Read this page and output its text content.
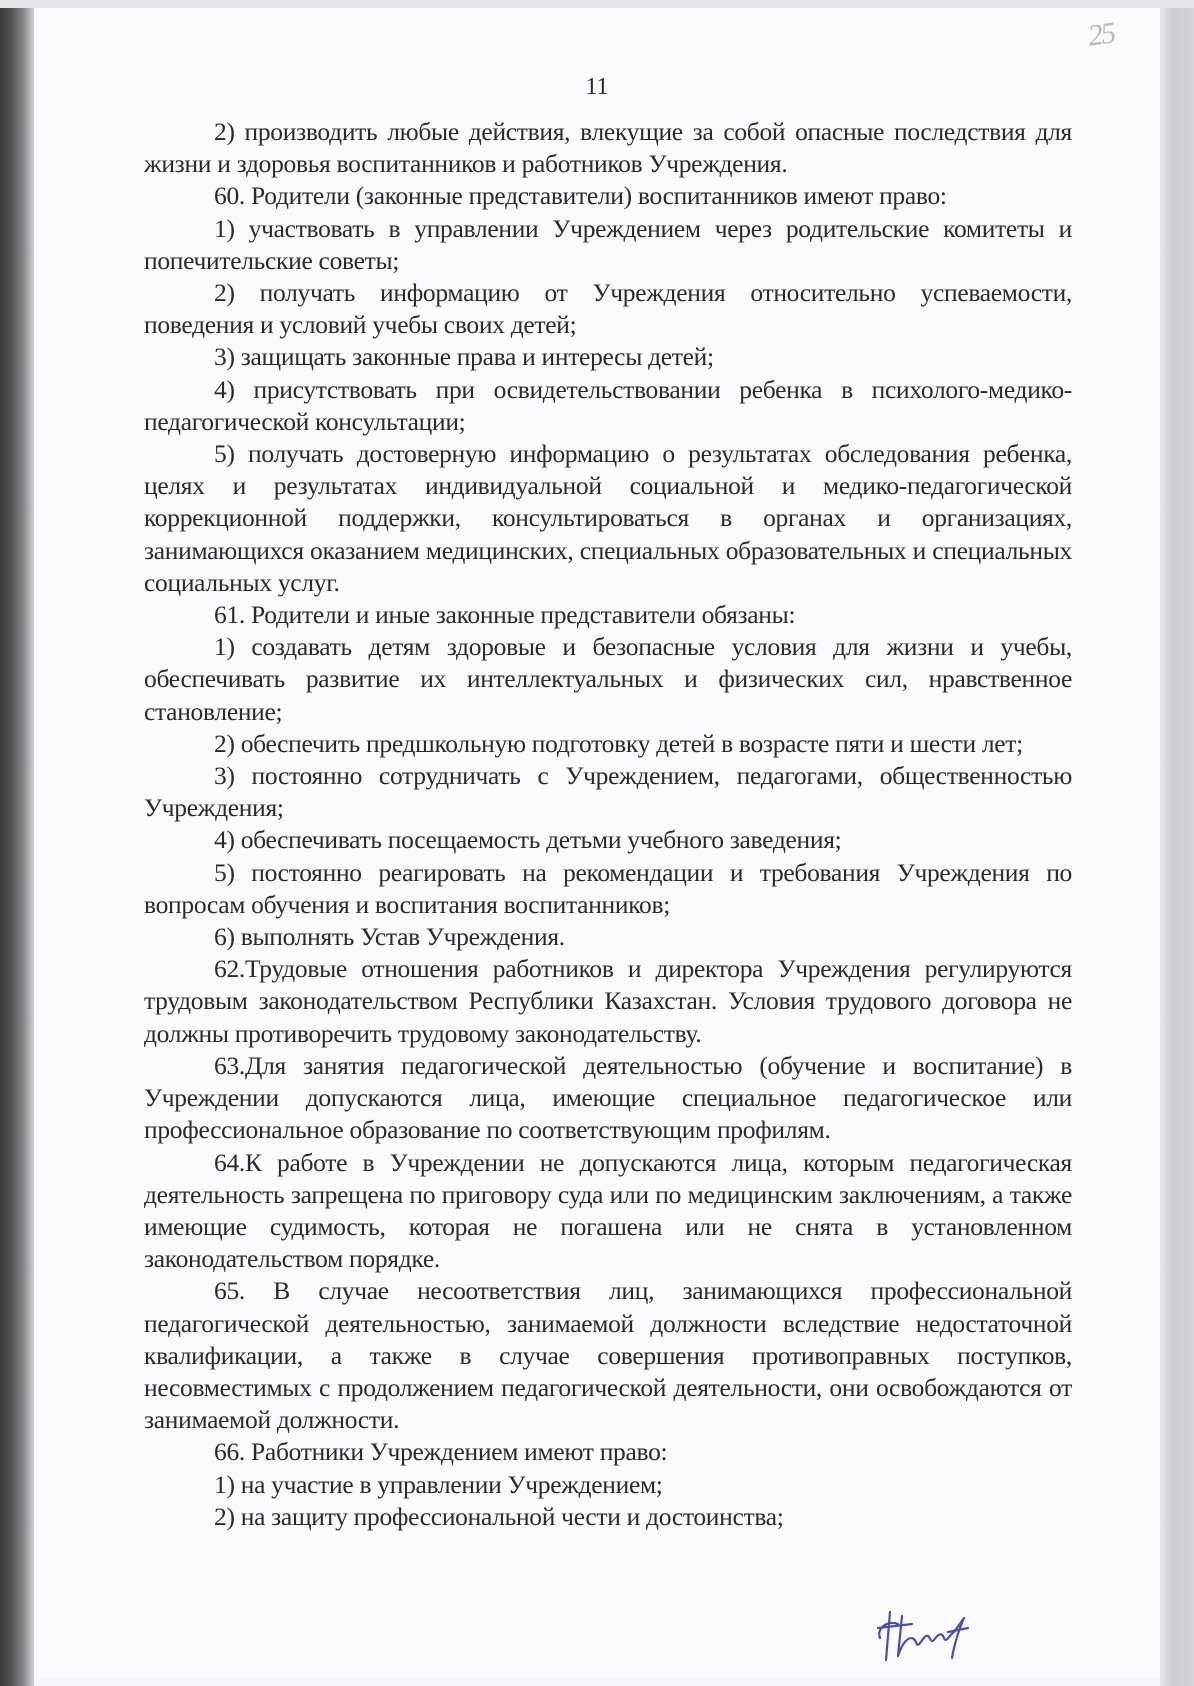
25
11

2) производить любые действия, влекущие за собой опасные последствия для жизни и здоровья воспитанников и работников Учреждения.

60. Родители (законные представители) воспитанников имеют право:

1) участвовать в управлении Учреждением через родительские комитеты и попечительские советы;

2) получать информацию от Учреждения относительно успеваемости, поведения и условий учебы своих детей;

3) защищать законные права и интересы детей;

4) присутствовать при освидетельствовании ребенка в психолого-медико-педагогической консультации;

5) получать достоверную информацию о результатах обследования ребенка, целях и результатах индивидуальной социальной и медико-педагогической коррекционной поддержки, консультироваться в органах и организациях, занимающихся оказанием медицинских, специальных образовательных и специальных социальных услуг.

61. Родители и иные законные представители обязаны:

1) создавать детям здоровые и безопасные условия для жизни и учебы, обеспечивать развитие их интеллектуальных и физических сил, нравственное становление;

2) обеспечить предшкольную подготовку детей в возрасте пяти и шести лет;

3) постоянно сотрудничать с Учреждением, педагогами, общественностью Учреждения;

4) обеспечивать посещаемость детьми учебного заведения;

5) постоянно реагировать на рекомендации и требования Учреждения по вопросам обучения и воспитания воспитанников;

6) выполнять Устав Учреждения.

62.Трудовые отношения работников и директора Учреждения регулируются трудовым законодательством Республики Казахстан. Условия трудового договора не должны противоречить трудовому законодательству.

63.Для занятия педагогической деятельностью (обучение и воспитание) в Учреждении допускаются лица, имеющие специальное педагогическое или профессиональное образование по соответствующим профилям.

64.К работе в Учреждении не допускаются лица, которым педагогическая деятельность запрещена по приговору суда или по медицинским заключениям, а также имеющие судимость, которая не погашена или не снята в установленном законодательством порядке.

65. В случае несоответствия лиц, занимающихся профессиональной педагогической деятельностью, занимаемой должности вследствие недостаточной квалификации, а также в случае совершения противоправных поступков, несовместимых с продолжением педагогической деятельности, они освобождаются от занимаемой должности.

66. Работники Учреждением имеют право:

1) на участие в управлении Учреждением;

2) на защиту профессиональной чести и достоинства;
